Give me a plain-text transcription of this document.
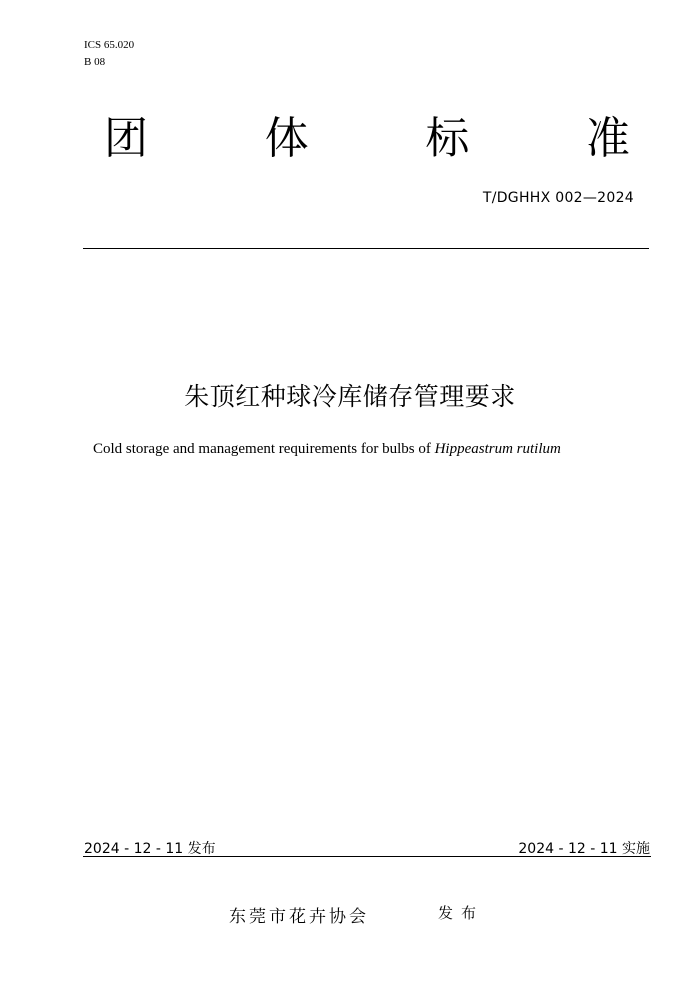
ICS 65.020
B 08
团	体	标	准
T/DGHHX 002—2024
朱顶红种球冷库储存管理要求
Cold storage and management requirements for bulbs of Hippeastrum rutilum
2024 - 12 - 11 发布	2024 - 12 - 11 实施
东莞市花卉协会	发布
